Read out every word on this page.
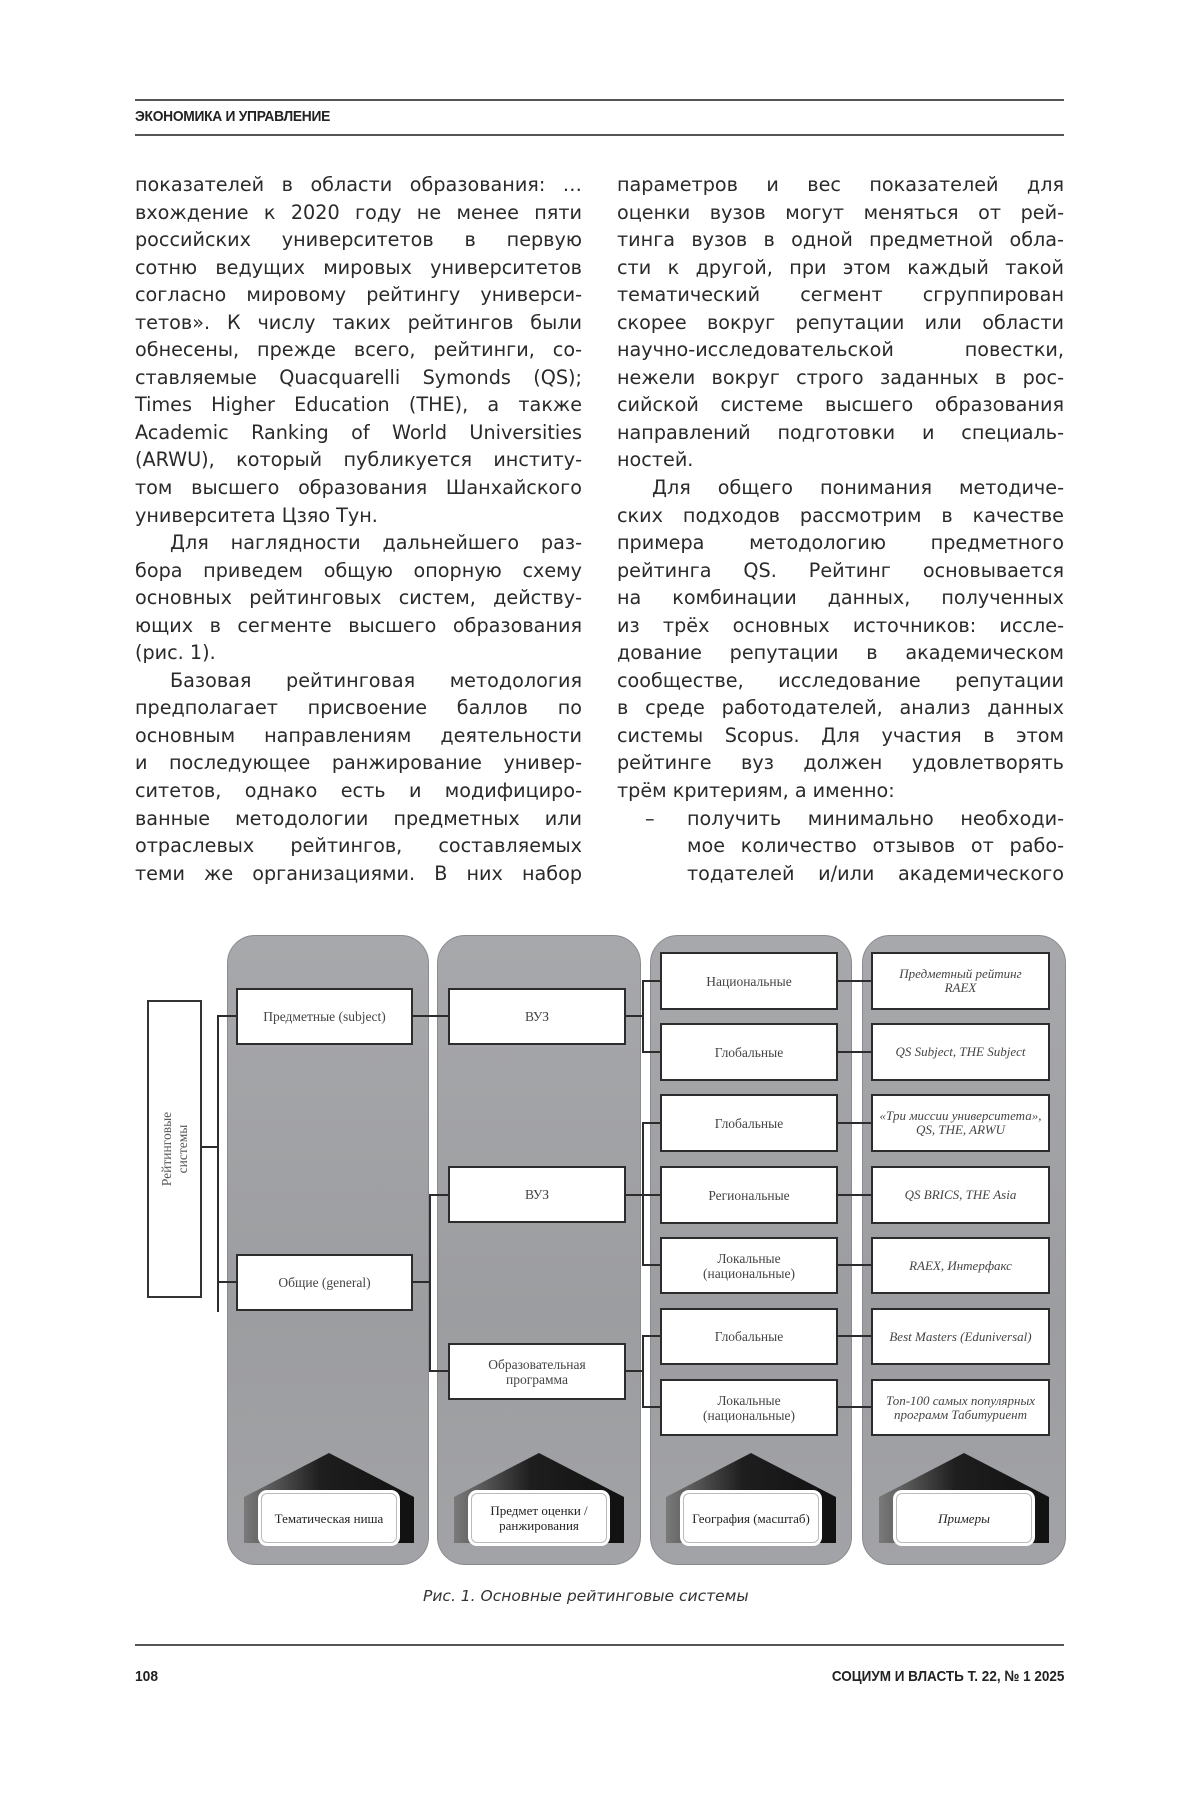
ЭКОНОМИКА И УПРАВЛЕНИЕ
показателей в области образования: …
вхождение к 2020 году не менее пяти
российских университетов в первую
сотню ведущих мировых университетов
согласно мировому рейтингу универси-
тетов». К числу таких рейтингов были
обнесены, прежде всего, рейтинги, со-
ставляемые Quacquarelli Symonds (QS);
Times Higher Education (THE), а также
Academic Ranking of World Universities
(ARWU), который публикуется институ-
том высшего образования Шанхайского
университета Цзяо Тун.
Для наглядности дальнейшего раз-
бора приведем общую опорную схему
основных рейтинговых систем, действу-
ющих в сегменте высшего образования
(рис. 1).
Базовая рейтинговая методология
предполагает присвоение баллов по
основным направлениям деятельности
и последующее ранжирование универ-
ситетов, однако есть и модифициро-
ванные методологии предметных или
отраслевых рейтингов, составляемых
теми же организациями. В них набор
параметров и вес показателей для
оценки вузов могут меняться от рей-
тинга вузов в одной предметной обла-
сти к другой, при этом каждый такой
тематический сегмент сгруппирован
скорее вокруг репутации или области
научно-исследовательской повестки,
нежели вокруг строго заданных в рос-
сийской системе высшего образования
направлений подготовки и специаль-
ностей.
Для общего понимания методиче-
ских подходов рассмотрим в качестве
примера методологию предметного
рейтинга QS. Рейтинг основывается
на комбинации данных, полученных
из трёх основных источников: иссле-
дование репутации в академическом
сообществе, исследование репутации
в среде работодателей, анализ данных
системы Scopus. Для участия в этом
рейтинге вуз должен удовлетворять
трём критериям, а именно:
– получить минимально необходи-
мое количество отзывов от рабо-
тодателей и/или академического
Рейтинговые системы
Предметные (subject)
Общие (general)
ВУЗ
ВУЗ
Образовательная программа
Национальные
Глобальные
Глобальные
Региональные
Локальные (национальные)
Глобальные
Локальные (национальные)
Предметный рейтинг RAEX
QS Subject, THE Subject
«Три миссии университета», QS, THE, ARWU
QS BRICS, THE Asia
RAEX, Интерфакс
Best Masters (Eduniversal)
Топ-100 самых популярных программ Табитуриент
Тематическая ниша	Предмет оценки / ранжирования	География (масштаб)	Примеры
Рис. 1. Основные рейтинговые системы
108	СОЦИУМ И ВЛАСТЬ Т. 22, № 1 2025
